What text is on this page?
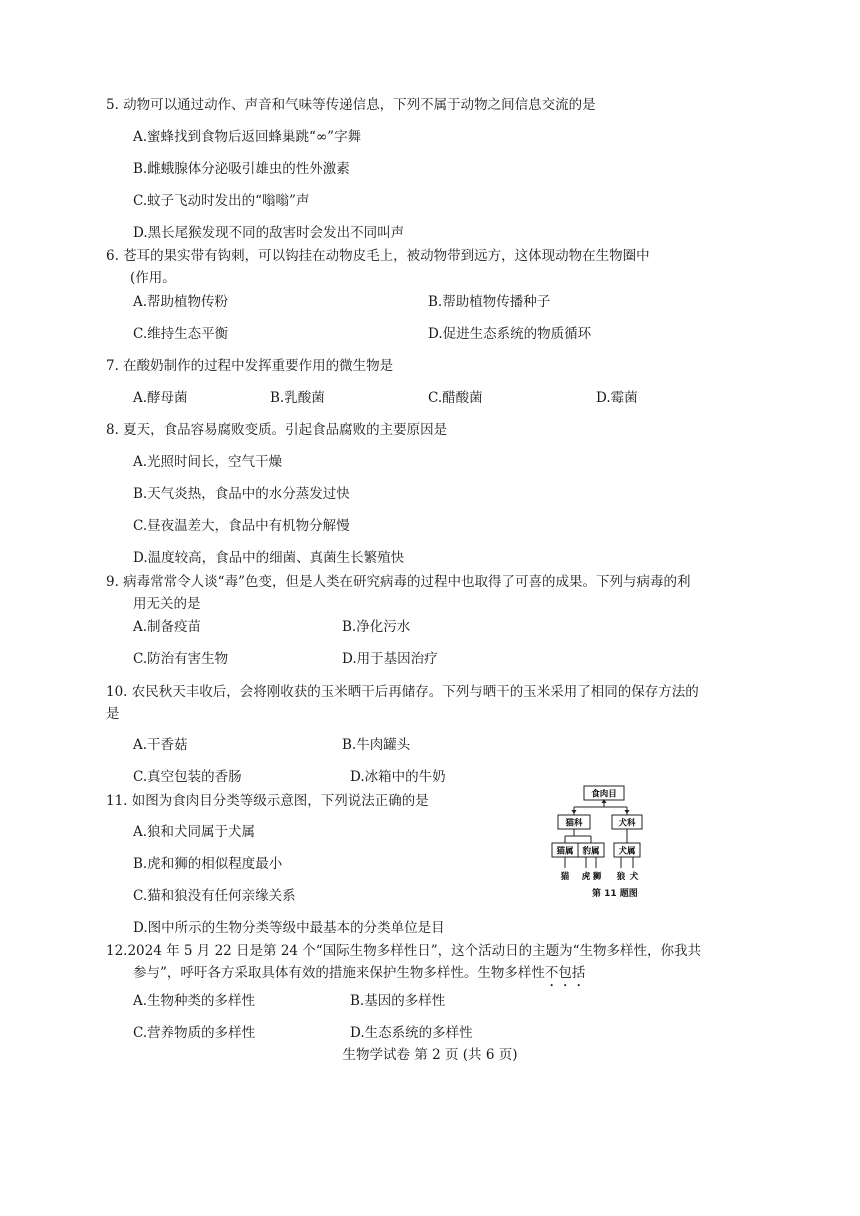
5. 动物可以通过动作、声音和气味等传递信息，下列不属于动物之间信息交流的是
A.蜜蜂找到食物后返回蜂巢跳“∞”字舞
B.雌蛾腺体分泌吸引雄虫的性外激素
C.蚊子飞动时发出的“嗡嗡”声
D.黑长尾猴发现不同的敌害时会发出不同叫声
6. 苍耳的果实带有钩刺，可以钩挂在动物皮毛上，被动物带到远方，这体现动物在生物圈中
(作用。
A.帮助植物传粉	B.帮助植物传播种子
C.维持生态平衡	D.促进生态系统的物质循环
7. 在酸奶制作的过程中发挥重要作用的微生物是
A.酵母菌	B.乳酸菌	C.醋酸菌	D.霉菌
8. 夏天，食品容易腐败变质。引起食品腐败的主要原因是
A.光照时间长，空气干燥
B.天气炎热，食品中的水分蒸发过快
C.昼夜温差大，食品中有机物分解慢
D.温度较高，食品中的细菌、真菌生长繁殖快
9. 病毒常常令人谈“毒”色变，但是人类在研究病毒的过程中也取得了可喜的成果。下列与病毒的利
用无关的是
A.制备疫苗	B.净化污水
C.防治有害生物	D.用于基因治疗
10. 农民秋天丰收后，会将刚收获的玉米晒干后再储存。下列与晒干的玉米采用了相同的保存方法的
是
A.干香菇	B.牛肉罐头
C.真空包装的香肠	D.冰箱中的牛奶
11. 如图为食肉目分类等级示意图，下列说法正确的是
A.狼和犬同属于犬属
B.虎和狮的相似程度最小
C.猫和狼没有任何亲缘关系
D.图中所示的生物分类等级中最基本的分类单位是目
食肉目
猫科	犬科
猫属 豹属 犬属
猫 虎 狮 狼 犬
第 11 题图
12.2024 年 5 月 22 日是第 24 个“国际生物多样性日”，这个活动日的主题为“生物多样性，你我共
参与”，呼吁各方采取具体有效的措施来保护生物多样性。生物多样性不包括
A.生物种类的多样性	B.基因的多样性
C.营养物质的多样性	D.生态系统的多样性
生物学试卷 第 2 页 (共 6 页)
